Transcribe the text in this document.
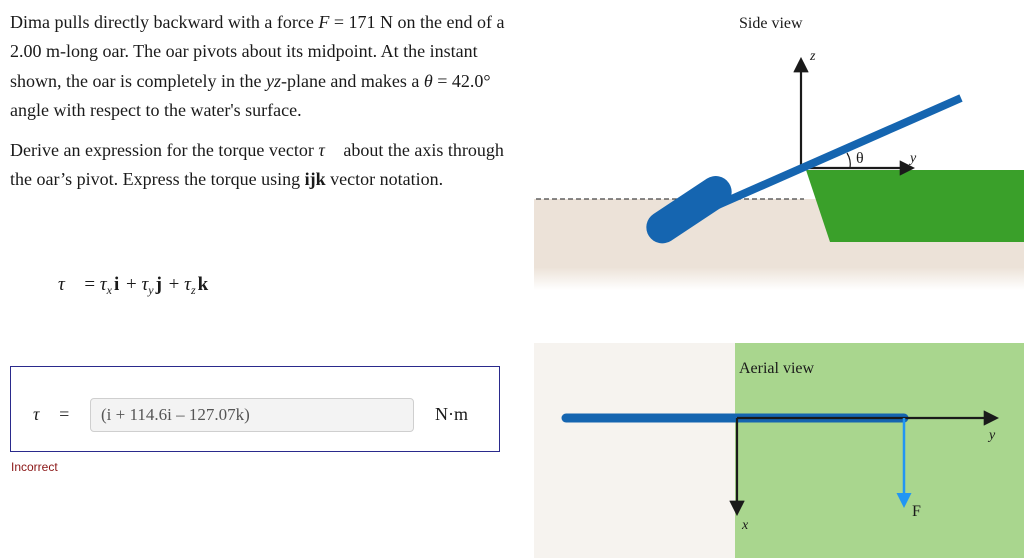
Dima pulls directly backward with a force F = 171 N on the end of a 2.00 m-long oar. The oar pivots about its midpoint. At the instant shown, the oar is completely in the yz-plane and makes a θ = 42.0° angle with respect to the water's surface.

Derive an expression for the torque vector τ⃗ about the axis through the oar’s pivot. Express the torque using ijk vector notation.

τ⃗ = $\tau_x$ $i + \tau_y$ $j + \tau_z$ k
τ⃗ =	(i + 114.6i – 127.07k)	N·m
Incorrect
z
y
θ
Side view
Aerial view
y
x
F
